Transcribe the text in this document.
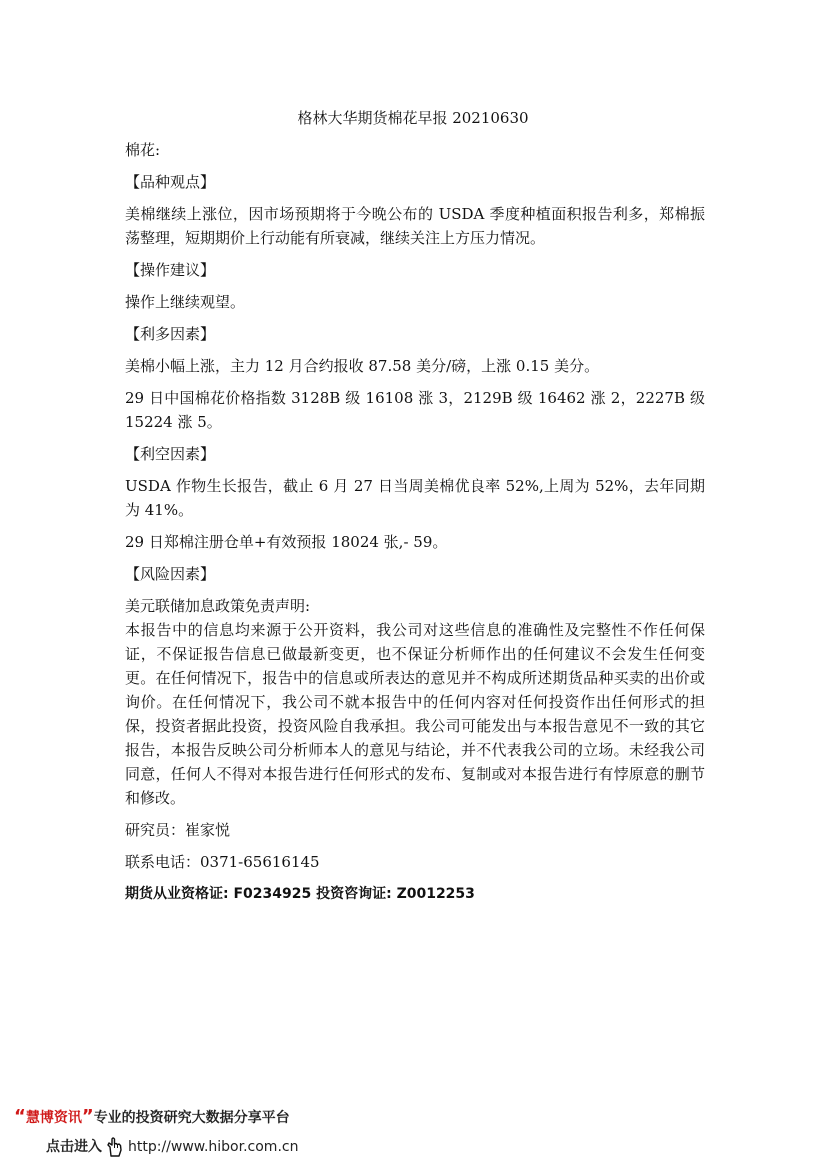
格林大华期货棉花早报 20210630

棉花:

【品种观点】

美棉继续上涨位，因市场预期将于今晚公布的 USDA 季度种植面积报告利多，郑棉振荡整理，短期期价上行动能有所衰减，继续关注上方压力情况。

【操作建议】

操作上继续观望。

【利多因素】

美棉小幅上涨，主力 12 月合约报收 87.58 美分/磅，上涨 0.15 美分。

29 日中国棉花价格指数 3128B 级 16108 涨 3，2129B 级 16462 涨 2，2227B 级 15224 涨 5。

【利空因素】

USDA 作物生长报告，截止 6 月 27 日当周美棉优良率 52%,上周为 52%，去年同期为 41%。

29 日郑棉注册仓单+有效预报 18024 张,- 59。

【风险因素】

美元联储加息政策免责声明:

本报告中的信息均来源于公开资料，我公司对这些信息的准确性及完整性不作任何保证，不保证报告信息已做最新变更，也不保证分析师作出的任何建议不会发生任何变更。在任何情况下，报告中的信息或所表达的意见并不构成所述期货品种买卖的出价或询价。在任何情况下，我公司不就本报告中的任何内容对任何投资作出任何形式的担保，投资者据此投资，投资风险自我承担。我公司可能发出与本报告意见不一致的其它报告，本报告反映公司分析师本人的意见与结论，并不代表我公司的立场。未经我公司同意，任何人不得对本报告进行任何形式的发布、复制或对本报告进行有悖原意的删节和修改。

研究员：崔家悦

联系电话：0371-65616145

期货从业资格证: F0234925 投资咨询证: Z0012253

“慧博资讯”专业的投资研究大数据分享平台
点击进入 http://www.hibor.com.cn
